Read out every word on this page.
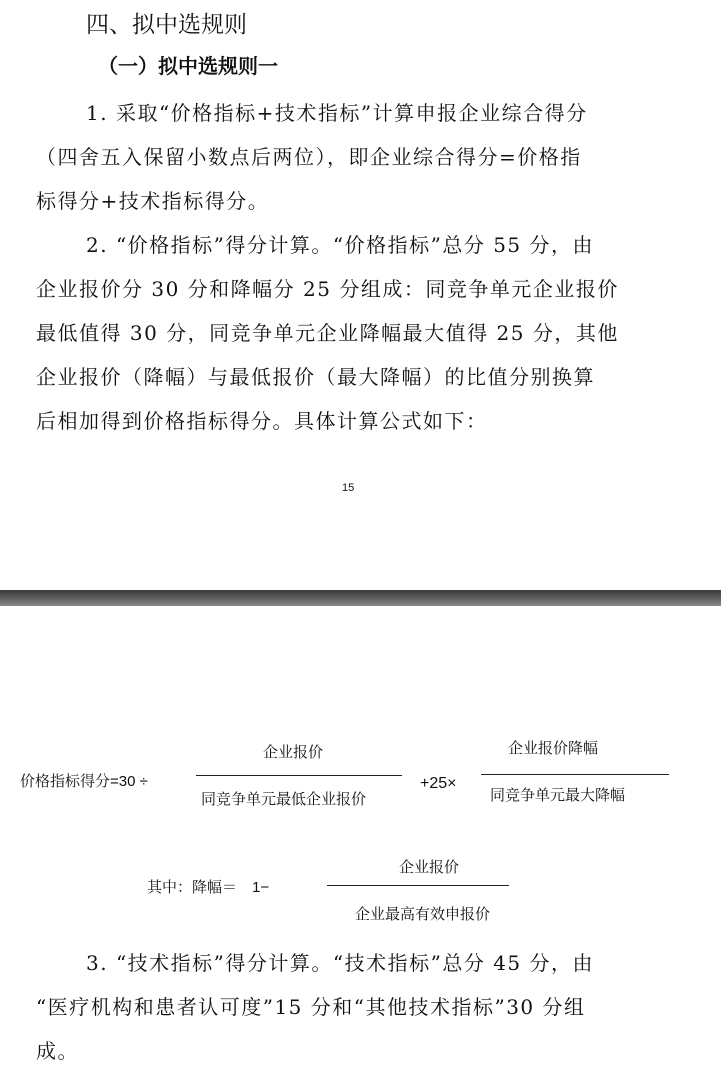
四、拟中选规则
（一）拟中选规则一
1. 采取“价格指标+技术指标”计算申报企业综合得分
（四舍五入保留小数点后两位），即企业综合得分=价格指
标得分+技术指标得分。
2. “价格指标”得分计算。“价格指标”总分 55 分，由
企业报价分 30 分和降幅分 25 分组成：同竞争单元企业报价
最低值得 30 分，同竞争单元企业降幅最大值得 25 分，其他
企业报价（降幅）与最低报价（最大降幅）的比值分别换算
后相加得到价格指标得分。具体计算公式如下：
15
价格指标得分=30 ÷
企业报价
同竞争单元最低企业报价
+25×
企业报价降幅
同竞争单元最大降幅
其中：降幅＝　1−
企业报价
企业最高有效申报价
3. “技术指标”得分计算。“技术指标”总分 45 分，由
“医疗机构和患者认可度”15 分和“其他技术指标”30 分组
成。
